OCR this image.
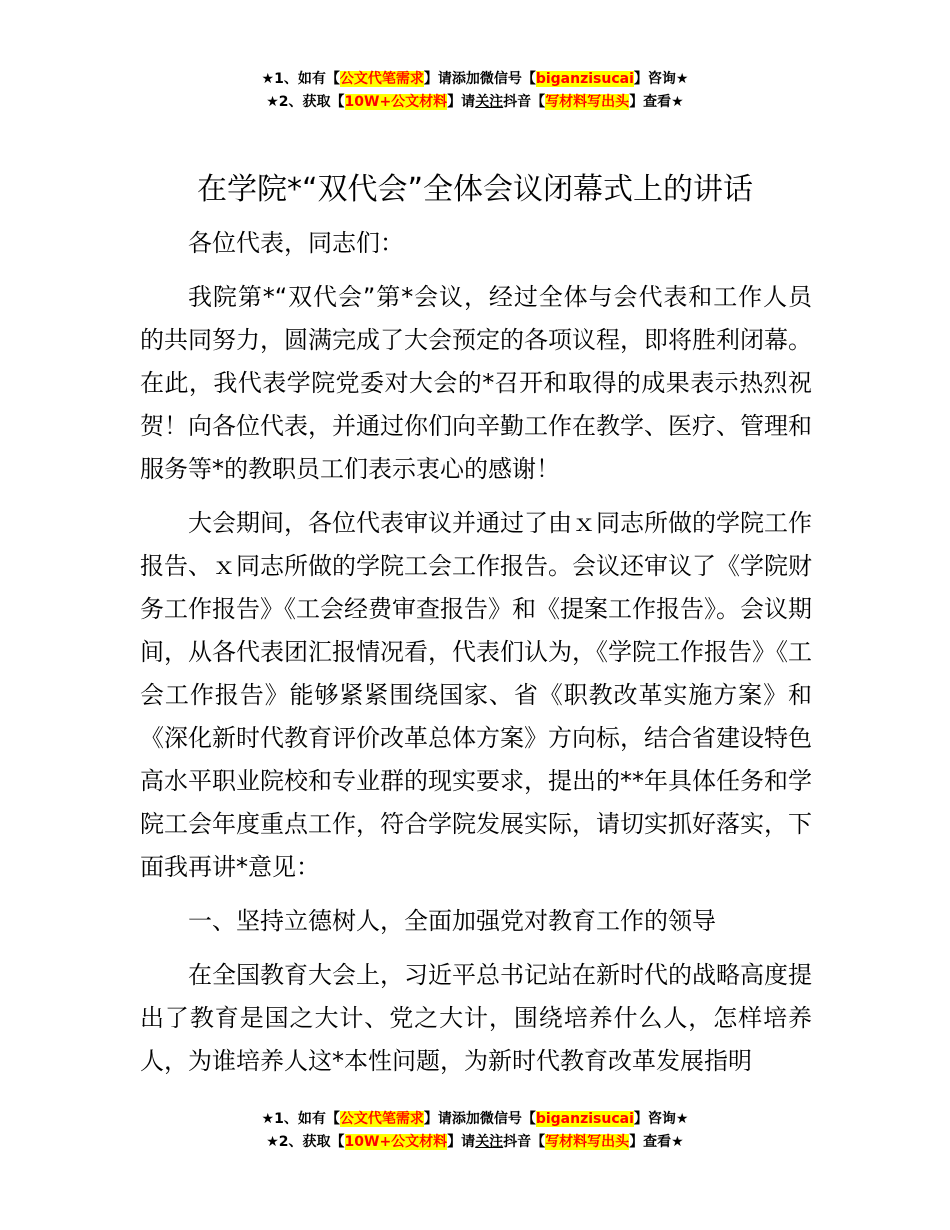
★1、如有【公文代笔需求】请添加微信号【biganzisucai】咨询★
★2、获取【10W+公文材料】请关注抖音【写材料写出头】查看★
在学院*“双代会”全体会议闭幕式上的讲话

各位代表，同志们：

我院第*“双代会”第*会议，经过全体与会代表和工作人员的共同努力，圆满完成了大会预定的各项议程，即将胜利闭幕。在此，我代表学院党委对大会的*召开和取得的成果表示热烈祝贺！向各位代表，并通过你们向辛勤工作在教学、医疗、管理和服务等*的教职员工们表示衷心的感谢！

大会期间，各位代表审议并通过了由ｘ同志所做的学院工作报告、ｘ同志所做的学院工会工作报告。会议还审议了《学院财务工作报告》《工会经费审查报告》和《提案工作报告》。会议期间，从各代表团汇报情况看，代表们认为，《学院工作报告》《工会工作报告》能够紧紧围绕国家、省《职教改革实施方案》和《深化新时代教育评价改革总体方案》方向标，结合省建设特色高水平职业院校和专业群的现实要求，提出的**年具体任务和学院工会年度重点工作，符合学院发展实际，请切实抓好落实，下面我再讲*意见：

一、坚持立德树人，全面加强党对教育工作的领导

在全国教育大会上，习近平总书记站在新时代的战略高度提出了教育是国之大计、党之大计，围绕培养什么人，怎样培养人，为谁培养人这*本性问题，为新时代教育改革发展指明

★1、如有【公文代笔需求】请添加微信号【biganzisucai】咨询★
★2、获取【10W+公文材料】请关注抖音【写材料写出头】查看★
